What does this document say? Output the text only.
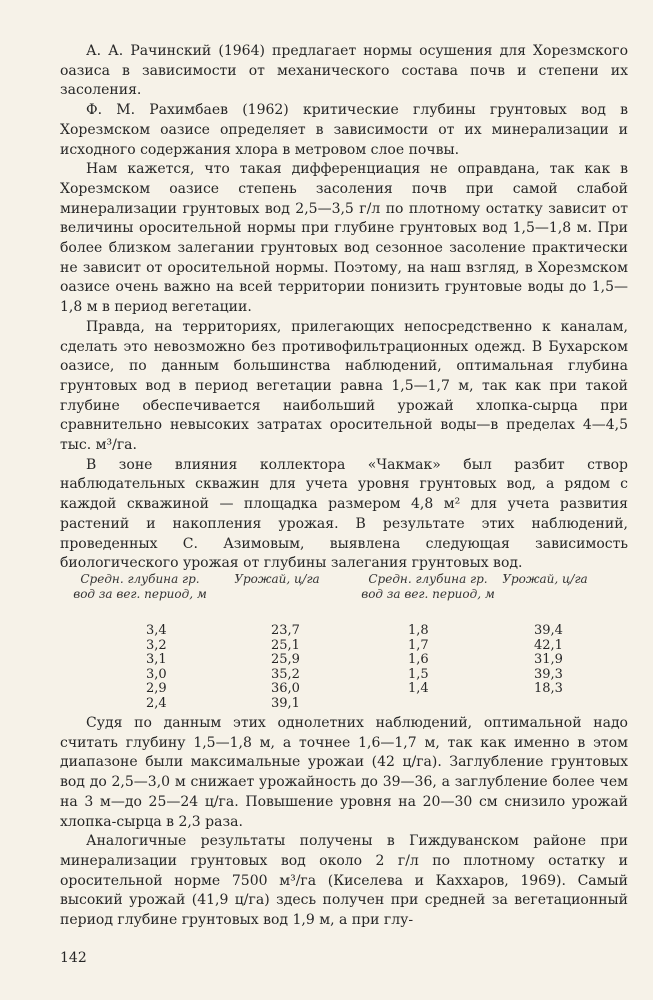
А. А. Рачинский (1964) предлагает нормы осушения для Хорезмского оазиса в зависимости от механического состава почв и степени их засоления.

Ф. М. Рахимбаев (1962) критические глубины грунтовых вод в Хорезмском оазисе определяет в зависимости от их минерализации и исходного содержания хлора в метровом слое почвы.

Нам кажется, что такая дифференциация не оправдана, так как в Хорезмском оазисе степень засоления почв при самой слабой минерализации грунтовых вод 2,5—3,5 г/л по плотному остатку зависит от величины оросительной нормы при глубине грунтовых вод 1,5—1,8 м. При более близком залегании грунтовых вод сезонное засоление практически не зависит от оросительной нормы. Поэтому, на наш взгляд, в Хорезмском оазисе очень важно на всей территории понизить грунтовые воды до 1,5—1,8 м в период вегетации.

Правда, на территориях, прилегающих непосредственно к каналам, сделать это невозможно без противофильтрационных одежд. В Бухарском оазисе, по данным большинства наблюдений, оптимальная глубина грунтовых вод в период вегетации равна 1,5—1,7 м, так как при такой глубине обеспечивается наибольший урожай хлопка-сырца при сравнительно невысоких затратах оросительной воды—в пределах 4—4,5 тыс. м³/га.

В зоне влияния коллектора «Чакмак» был разбит створ наблюдательных скважин для учета уровня грунтовых вод, а рядом с каждой скважиной — площадка размером 4,8 м² для учета развития растений и накопления урожая. В результате этих наблюдений, проведенных С. Азимовым, выявлена следующая зависимость биологического урожая от глубины залегания грунтовых вод.

Средн. глубина гр. вод за вег. период, м
Урожай, ц/га	Средн. глубина гр. вод за вег. период, м
Урожай, ц/га
3,4
3,2
3,1
3,0
2,9
2,4
23,7
25,1
25,9
35,2
36,0
39,1
1,8
1,7
1,6
1,5
1,4
39,4
42,1
31,9
39,3
18,3

Судя по данным этих однолетних наблюдений, оптимальной надо считать глубину 1,5—1,8 м, а точнее 1,6—1,7 м, так как именно в этом диапазоне были максимальные урожаи (42 ц/га). Заглубление грунтовых вод до 2,5—3,0 м снижает урожайность до 39—36, а заглубление более чем на 3 м—до 25—24 ц/га. Повышение уровня на 20—30 см снизило урожай хлопка-сырца в 2,3 раза.

Аналогичные результаты получены в Гиждуванском районе при минерализации грунтовых вод около 2 г/л по плотному остатку и оросительной норме 7500 м³/га (Киселева и Каххаров, 1969). Самый высокий урожай (41,9 ц/га) здесь получен при средней за вегетационный период глубине грунтовых вод 1,9 м, а при глу-

142
